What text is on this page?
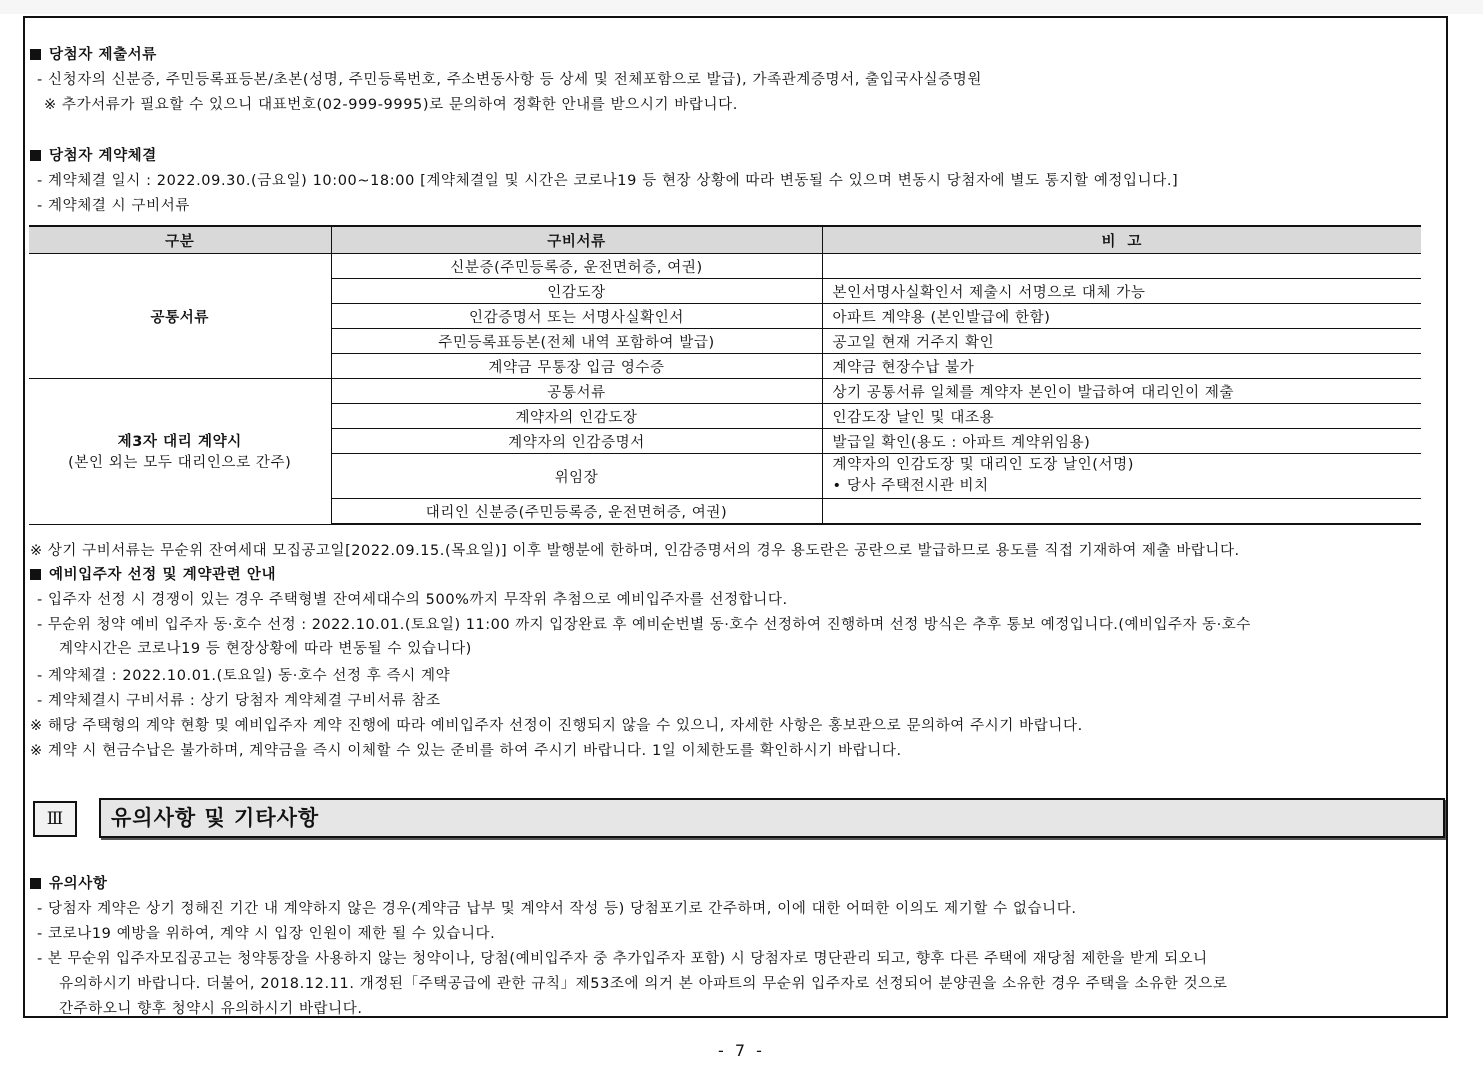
당첨자 제출서류
- 신청자의 신분증, 주민등록표등본/초본(성명, 주민등록번호, 주소변동사항 등 상세 및 전체포함으로 발급), 가족관계증명서, 출입국사실증명원
※ 추가서류가 필요할 수 있으니 대표번호(02-999-9995)로 문의하여 정확한 안내를 받으시기 바랍니다.
당첨자 계약체결
- 계약체결 일시 : 2022.09.30.(금요일) 10:00~18:00 [계약체결일 및 시간은 코로나19 등 현장 상황에 따라 변동될 수 있으며 변동시 당첨자에 별도 통지할 예정입니다.]
- 계약체결 시 구비서류
구분	구비서류	비  고
공통서류	신분증(주민등록증, 운전면허증, 여권)	
	인감도장	본인서명사실확인서 제출시 서명으로 대체 가능
	인감증명서 또는 서명사실확인서	아파트 계약용 (본인발급에 한함)
	주민등록표등본(전체 내역 포함하여 발급)	공고일 현재 거주지 확인
	계약금 무통장 입금 영수증	계약금 현장수납 불가
제3자 대리 계약시
(본인 외는 모두 대리인으로 간주)	공통서류	상기 공통서류 일체를 계약자 본인이 발급하여 대리인이 제출
	계약자의 인감도장	인감도장 날인 및 대조용
	계약자의 인감증명서	발급일 확인(용도 : 아파트 계약위임용)
	위임장	계약자의 인감도장 및 대리인 도장 날인(서명)
• 당사 주택전시관 비치

	대리인 신분증(주민등록증, 운전면허증, 여권)	
※ 상기 구비서류는 무순위 잔여세대 모집공고일[2022.09.15.(목요일)] 이후 발행분에 한하며, 인감증명서의 경우 용도란은 공란으로 발급하므로 용도를 직접 기재하여 제출 바랍니다.
예비입주자 선정 및 계약관련 안내
- 입주자 선정 시 경쟁이 있는 경우 주택형별 잔여세대수의 500%까지 무작위 추첨으로 예비입주자를 선정합니다.
- 무순위 청약 예비 입주자 동·호수 선정 : 2022.10.01.(토요일) 11:00 까지 입장완료 후 예비순번별 동·호수 선정하여 진행하며 선정 방식은 추후 통보 예정입니다.(예비입주자 동·호수
계약시간은 코로나19 등 현장상황에 따라 변동될 수 있습니다)
- 계약체결 : 2022.10.01.(토요일) 동·호수 선정 후 즉시 계약
- 계약체결시 구비서류 : 상기 당첨자 계약체결 구비서류 참조
※ 해당 주택형의 계약 현황 및 예비입주자 계약 진행에 따라 예비입주자 선정이 진행되지 않을 수 있으니, 자세한 사항은 홍보관으로 문의하여 주시기 바랍니다.
※ 계약 시 현금수납은 불가하며, 계약금을 즉시 이체할 수 있는 준비를 하여 주시기 바랍니다. 1일 이체한도를 확인하시기 바랍니다.
Ⅲ	유의사항 및 기타사항
유의사항
- 당첨자 계약은 상기 정해진 기간 내 계약하지 않은 경우(계약금 납부 및 계약서 작성 등) 당첨포기로 간주하며, 이에 대한 어떠한 이의도 제기할 수 없습니다.
- 코로나19 예방을 위하여, 계약 시 입장 인원이 제한 될 수 있습니다.
- 본 무순위 입주자모집공고는 청약통장을 사용하지 않는 청약이나, 당첨(예비입주자 중 추가입주자 포함) 시 당첨자로 명단관리 되고, 향후 다른 주택에 재당첨 제한을 받게 되오니
유의하시기 바랍니다. 더불어, 2018.12.11. 개정된「주택공급에 관한 규칙」제53조에 의거 본 아파트의 무순위 입주자로 선정되어 분양권을 소유한 경우 주택을 소유한 것으로
간주하오니 향후 청약시 유의하시기 바랍니다.
- 7 -
